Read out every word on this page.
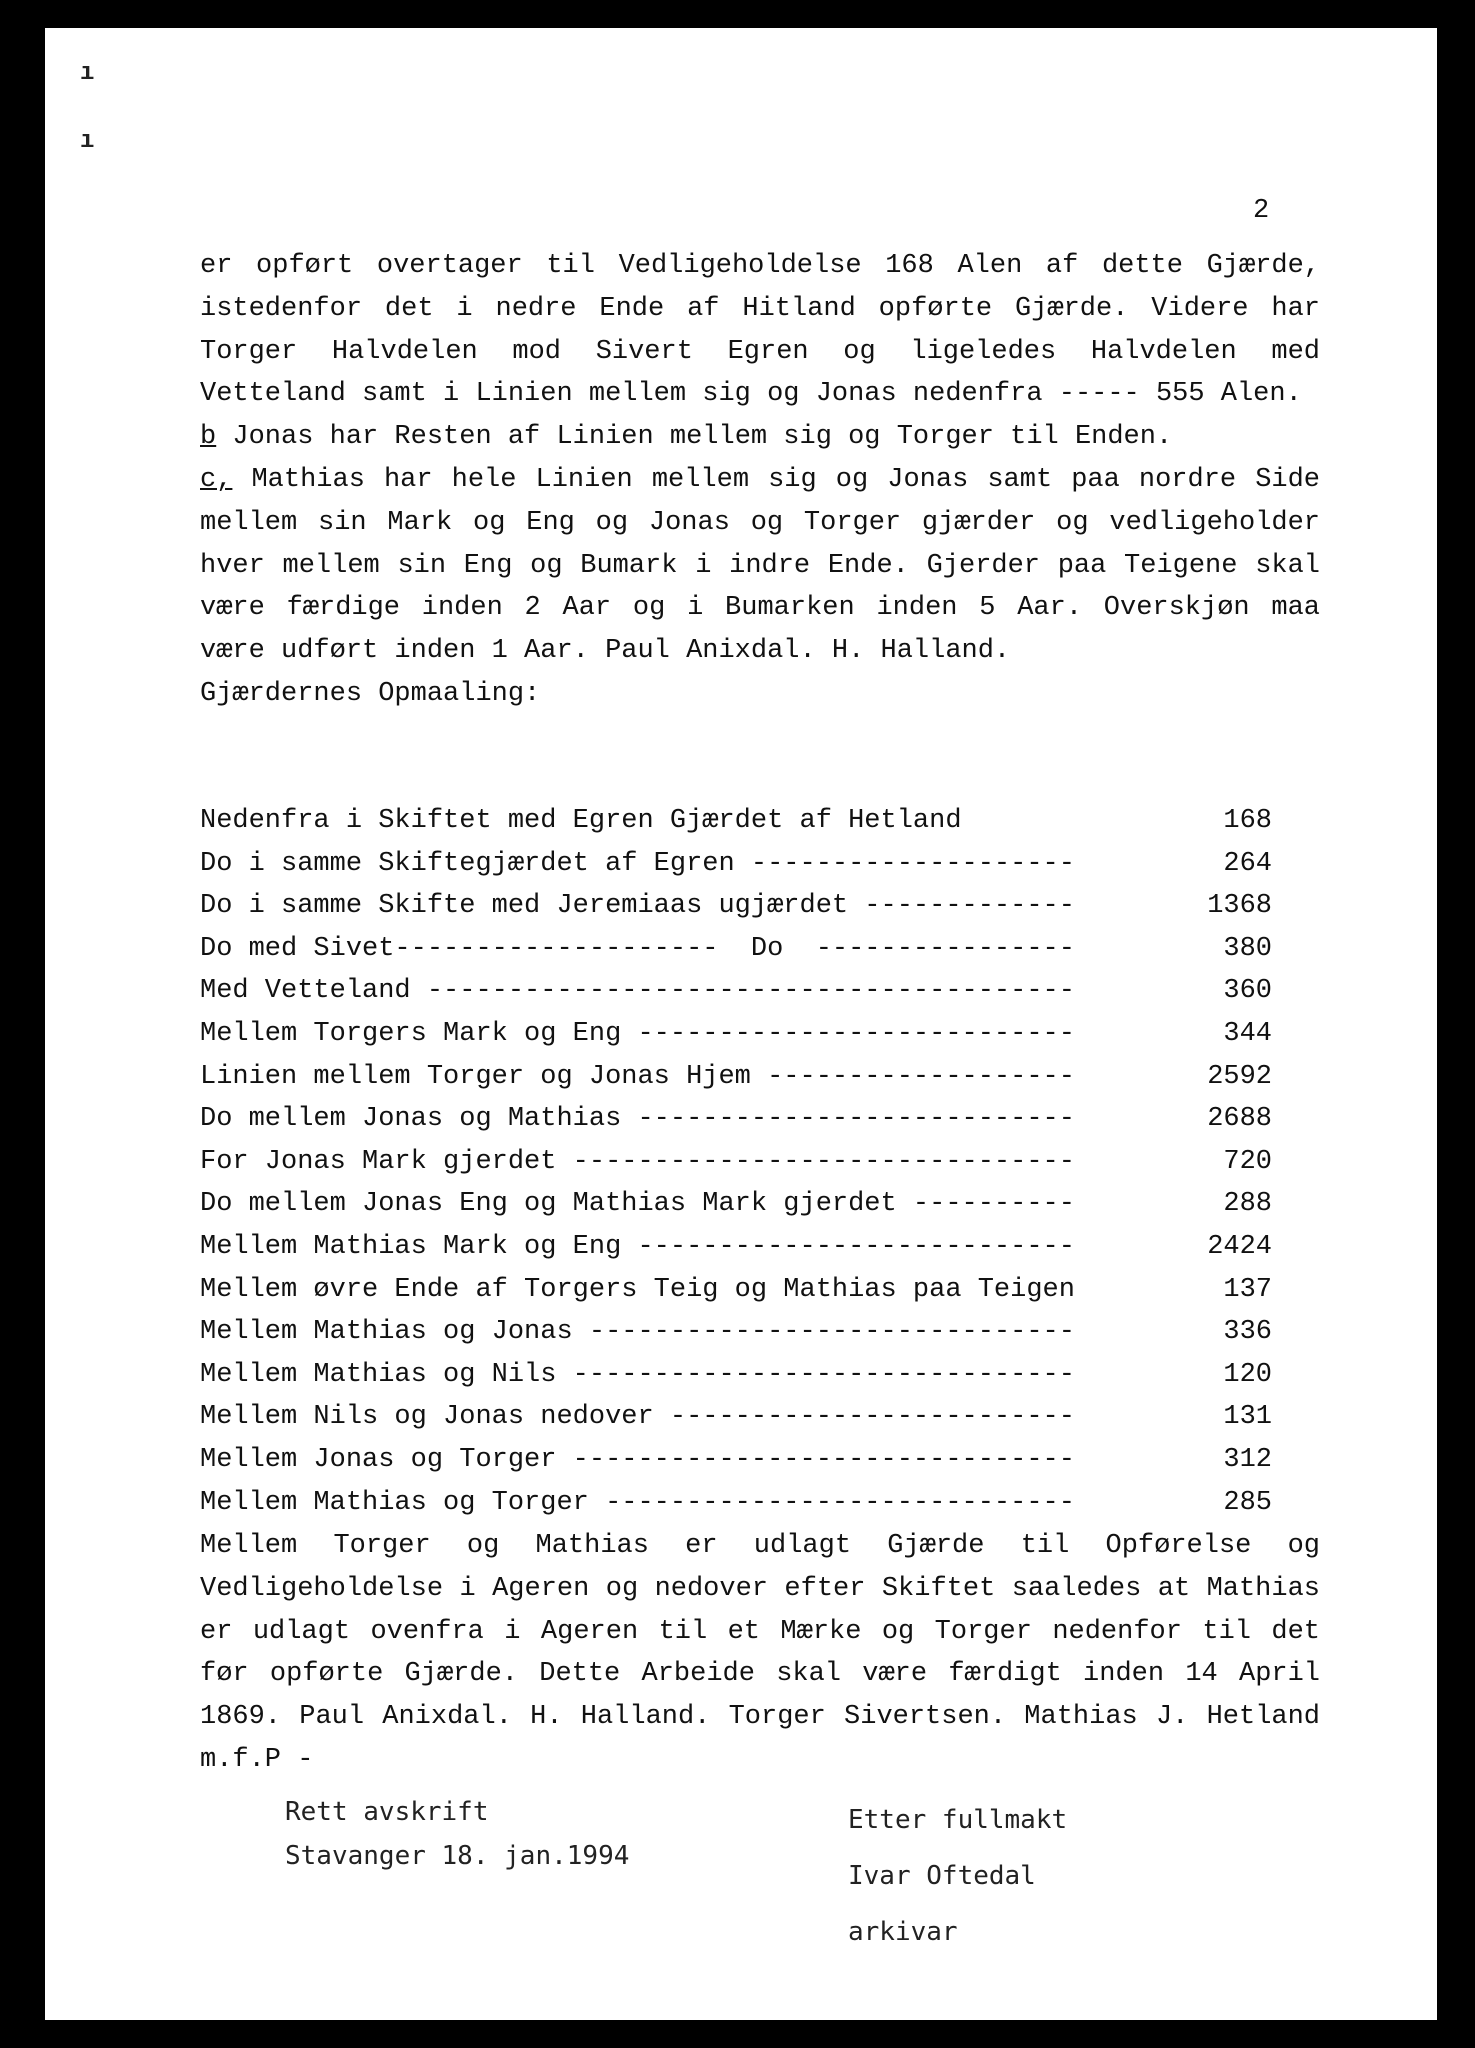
ı
ı
2

er opført overtager til Vedligeholdelse 168 Alen af dette Gjærde, istedenfor det i nedre Ende af Hitland opførte Gjærde. Videre har Torger Halvdelen mod Sivert Egren og ligeledes Halvdelen med Vetteland samt i Linien mellem sig og Jonas nedenfra ----- 555 Alen.

b Jonas har Resten af Linien mellem sig og Torger til Enden.

c, Mathias har hele Linien mellem sig og Jonas samt paa nordre Side mellem sin Mark og Eng og Jonas og Torger gjærder og vedligeholder hver mellem sin Eng og Bumark i indre Ende. Gjerder paa Teigene skal være færdige inden 2 Aar og i Bumarken inden 5 Aar. Overskjøn maa være udført inden 1 Aar. Paul Anixdal. H. Halland.

Gjærdernes Opmaaling:

Nedenfra i Skiftet med Egren Gjærdet af Hetland	168
Do i samme Skiftegjærdet af Egren --------------------	264
Do i samme Skifte med Jeremiaas ugjærdet -------------	1368
Do med Sivet--------------------  Do  ----------------	380
Med Vetteland ----------------------------------------	360
Mellem Torgers Mark og Eng ---------------------------	344
Linien mellem Torger og Jonas Hjem -------------------	2592
Do mellem Jonas og Mathias ---------------------------	2688
For Jonas Mark gjerdet -------------------------------	720
Do mellem Jonas Eng og Mathias Mark gjerdet ----------	288
Mellem Mathias Mark og Eng ---------------------------	2424
Mellem øvre Ende af Torgers Teig og Mathias paa Teigen	137
Mellem Mathias og Jonas ------------------------------	336
Mellem Mathias og Nils -------------------------------	120
Mellem Nils og Jonas nedover -------------------------	131
Mellem Jonas og Torger -------------------------------	312
Mellem Mathias og Torger -----------------------------	285
Mellem Torger og Mathias er udlagt Gjærde til Opførelse og Vedligeholdelse i Ageren og nedover efter Skiftet saaledes at Mathias er udlagt ovenfra i Ageren til et Mærke og Torger nedenfor til det før opførte Gjærde. Dette Arbeide skal være færdigt inden 14 April 1869. Paul Anixdal. H. Halland. Torger Sivertsen. Mathias J. Hetland m.f.P -
Rett avskrift
Stavanger 18. jan.1994
Etter fullmakt
Ivar Oftedal
arkivar
